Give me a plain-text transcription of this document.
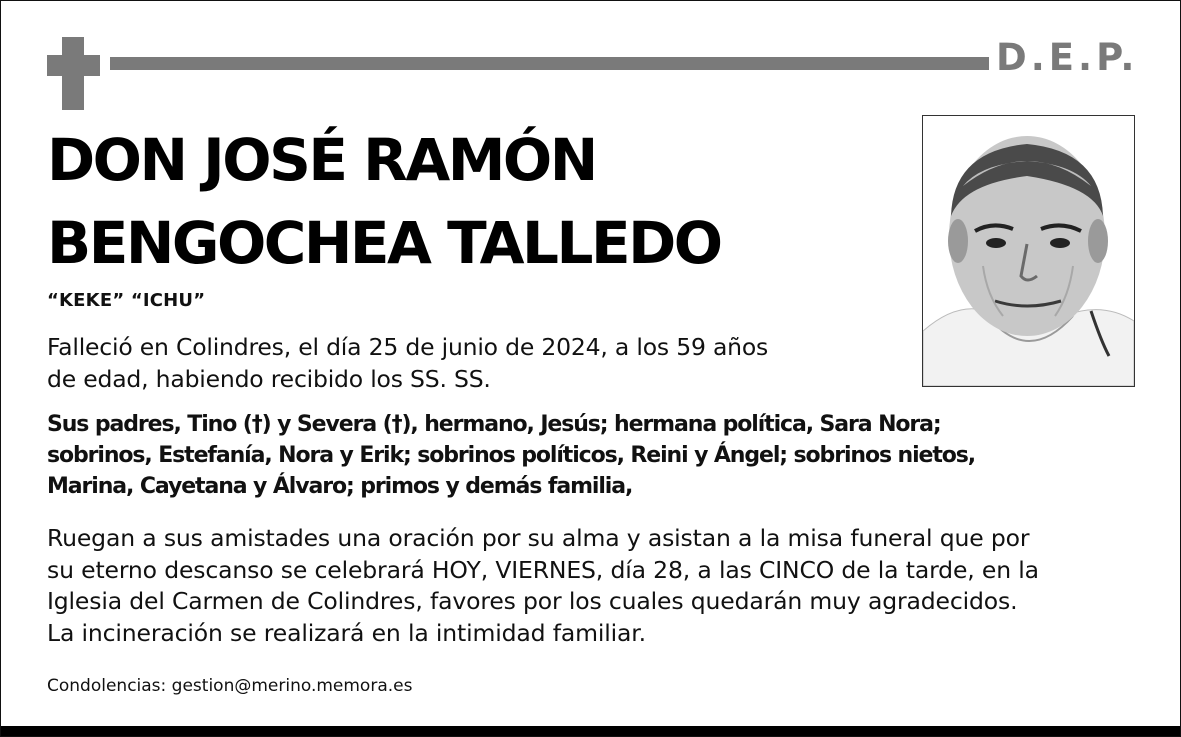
D.E.P.
DON JOSÉ RAMÓN
BENGOCHEA TALLEDO
“KEKE” “ICHU”

Falleció en Colindres, el día 25 de junio de 2024, a los 59 años
de edad, habiendo recibido los SS. SS.

Sus padres, Tino (†) y Severa (†), hermano, Jesús; hermana política, Sara Nora;
sobrinos, Estefanía, Nora y Erik; sobrinos políticos, Reini y Ángel; sobrinos nietos,
Marina, Cayetana y Álvaro; primos y demás familia,

Ruegan a sus amistades una oración por su alma y asistan a la misa funeral que por
su eterno descanso se celebrará HOY, VIERNES, día 28, a las CINCO de la tarde, en la
Iglesia del Carmen de Colindres, favores por los cuales quedarán muy agradecidos.
La incineración se realizará en la intimidad familiar.

Condolencias: gestion@merino.memora.es
